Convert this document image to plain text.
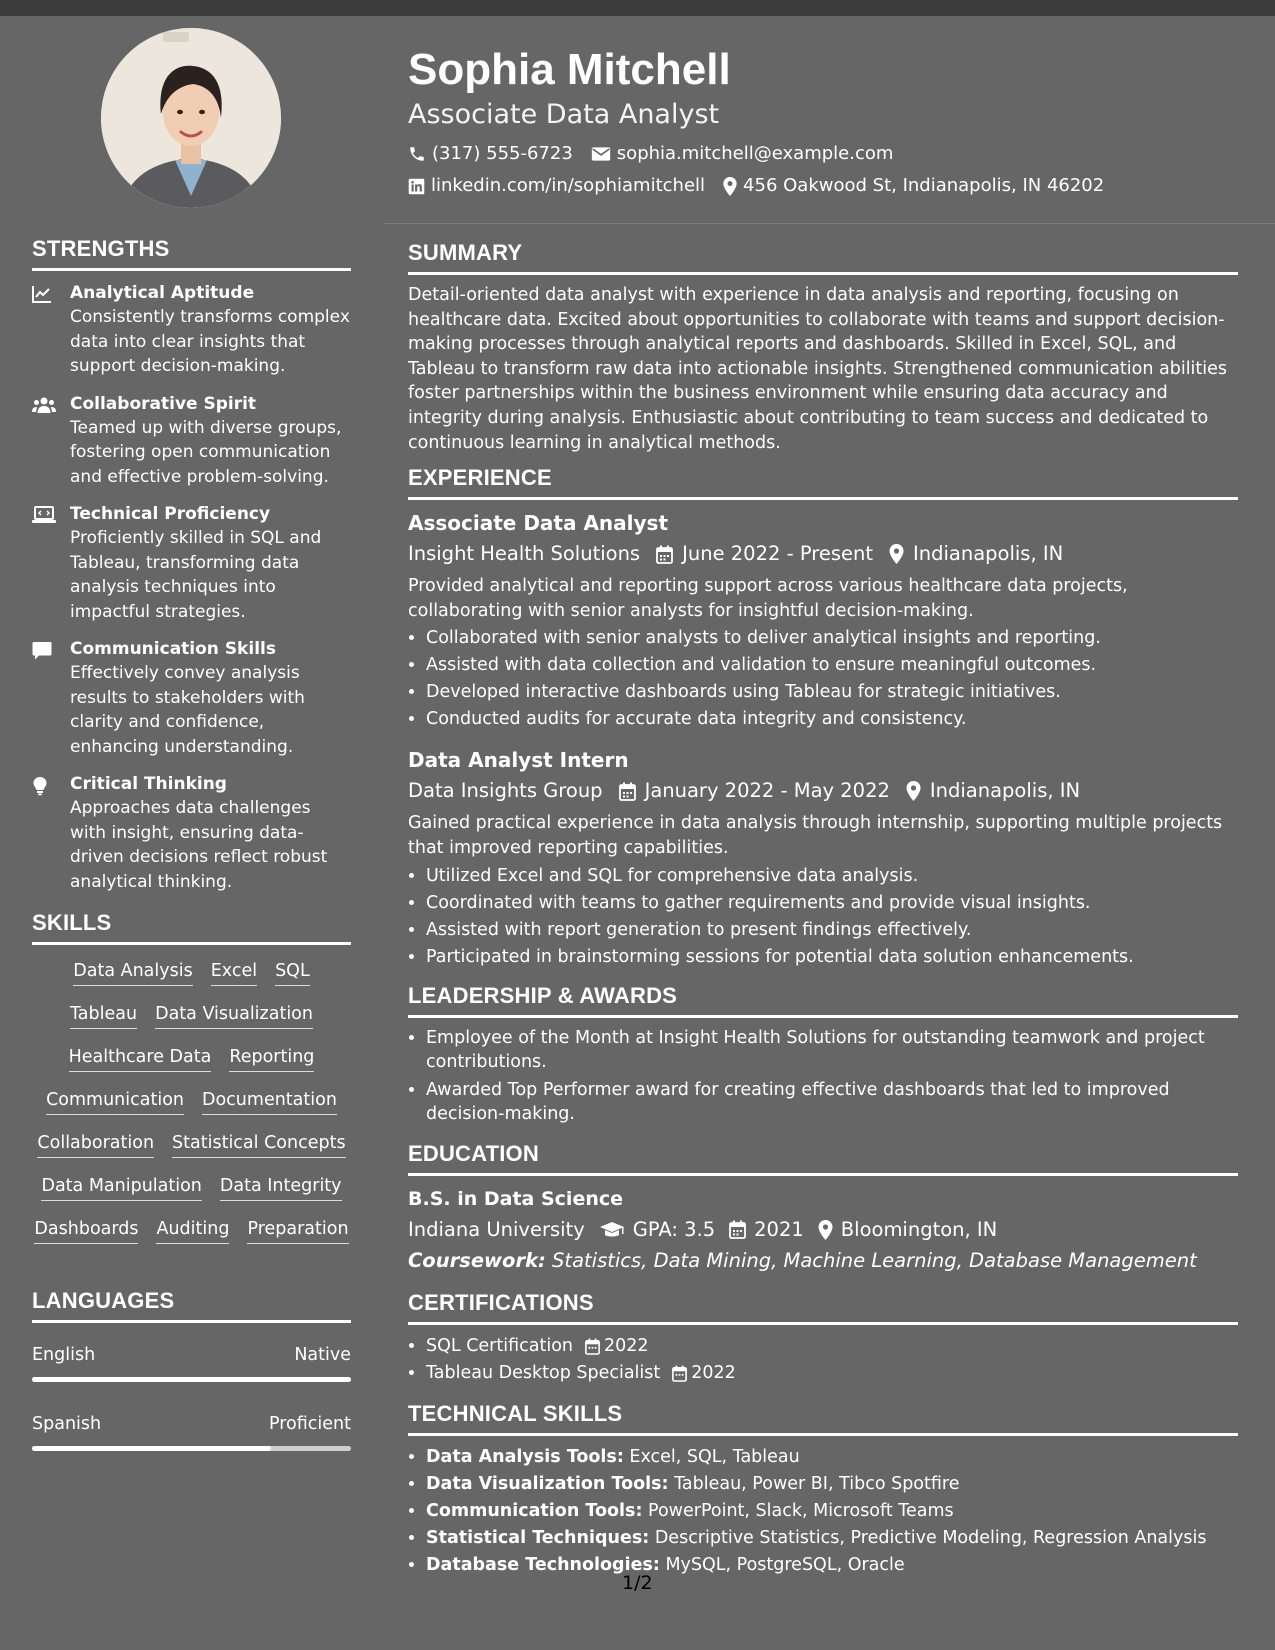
Sophia Mitchell
Associate Data Analyst
(317) 555-6723 sophia.mitchell@example.com
linkedin.com/in/sophiamitchell 456 Oakwood St, Indianapolis, IN 46202
STRENGTHS
Analytical Aptitude
Consistently transforms complex data into clear insights that support decision-making.
Collaborative Spirit
Teamed up with diverse groups, fostering open communication and effective problem-solving.
Technical Proficiency
Proficiently skilled in SQL and Tableau, transforming data analysis techniques into impactful strategies.
Communication Skills
Effectively convey analysis results to stakeholders with clarity and confidence, enhancing understanding.
Critical Thinking
Approaches data challenges with insight, ensuring data-driven decisions reflect robust analytical thinking.
SKILLS
Data Analysis Excel SQL
Tableau Data Visualization
Healthcare Data Reporting
Communication Documentation
Collaboration Statistical Concepts
Data Manipulation Data Integrity
Dashboards Auditing Preparation
LANGUAGES
English	Native
Spanish	Proficient
SUMMARY

Detail-oriented data analyst with experience in data analysis and reporting, focusing on healthcare data. Excited about opportunities to collaborate with teams and support decision-making processes through analytical reports and dashboards. Skilled in Excel, SQL, and Tableau to transform raw data into actionable insights. Strengthened communication abilities foster partnerships within the business environment while ensuring data accuracy and integrity during analysis. Enthusiastic about contributing to team success and dedicated to continuous learning in analytical methods.

EXPERIENCE
Associate Data Analyst
Insight Health Solutions June 2022 - Present Indianapolis, IN

Provided analytical and reporting support across various healthcare data projects, collaborating with senior analysts for insightful decision-making.

• Collaborated with senior analysts to deliver analytical insights and reporting.
• Assisted with data collection and validation to ensure meaningful outcomes.
• Developed interactive dashboards using Tableau for strategic initiatives.
• Conducted audits for accurate data integrity and consistency.
Data Analyst Intern
Data Insights Group January 2022 - May 2022 Indianapolis, IN

Gained practical experience in data analysis through internship, supporting multiple projects that improved reporting capabilities.

• Utilized Excel and SQL for comprehensive data analysis.
• Coordinated with teams to gather requirements and provide visual insights.
• Assisted with report generation to present findings effectively.
• Participated in brainstorming sessions for potential data solution enhancements.
LEADERSHIP & AWARDS
• Employee of the Month at Insight Health Solutions for outstanding teamwork and project contributions.
• Awarded Top Performer award for creating effective dashboards that led to improved decision-making.
EDUCATION
B.S. in Data Science
Indiana University GPA: 3.5 2021 Bloomington, IN
Coursework: Statistics, Data Mining, Machine Learning, Database Management
CERTIFICATIONS
• SQL Certification 2022
• Tableau Desktop Specialist 2022
TECHNICAL SKILLS
• Data Analysis Tools: Excel, SQL, Tableau
• Data Visualization Tools: Tableau, Power BI, Tibco Spotfire
• Communication Tools: PowerPoint, Slack, Microsoft Teams
• Statistical Techniques: Descriptive Statistics, Predictive Modeling, Regression Analysis
• Database Technologies: MySQL, PostgreSQL, Oracle
1/2
